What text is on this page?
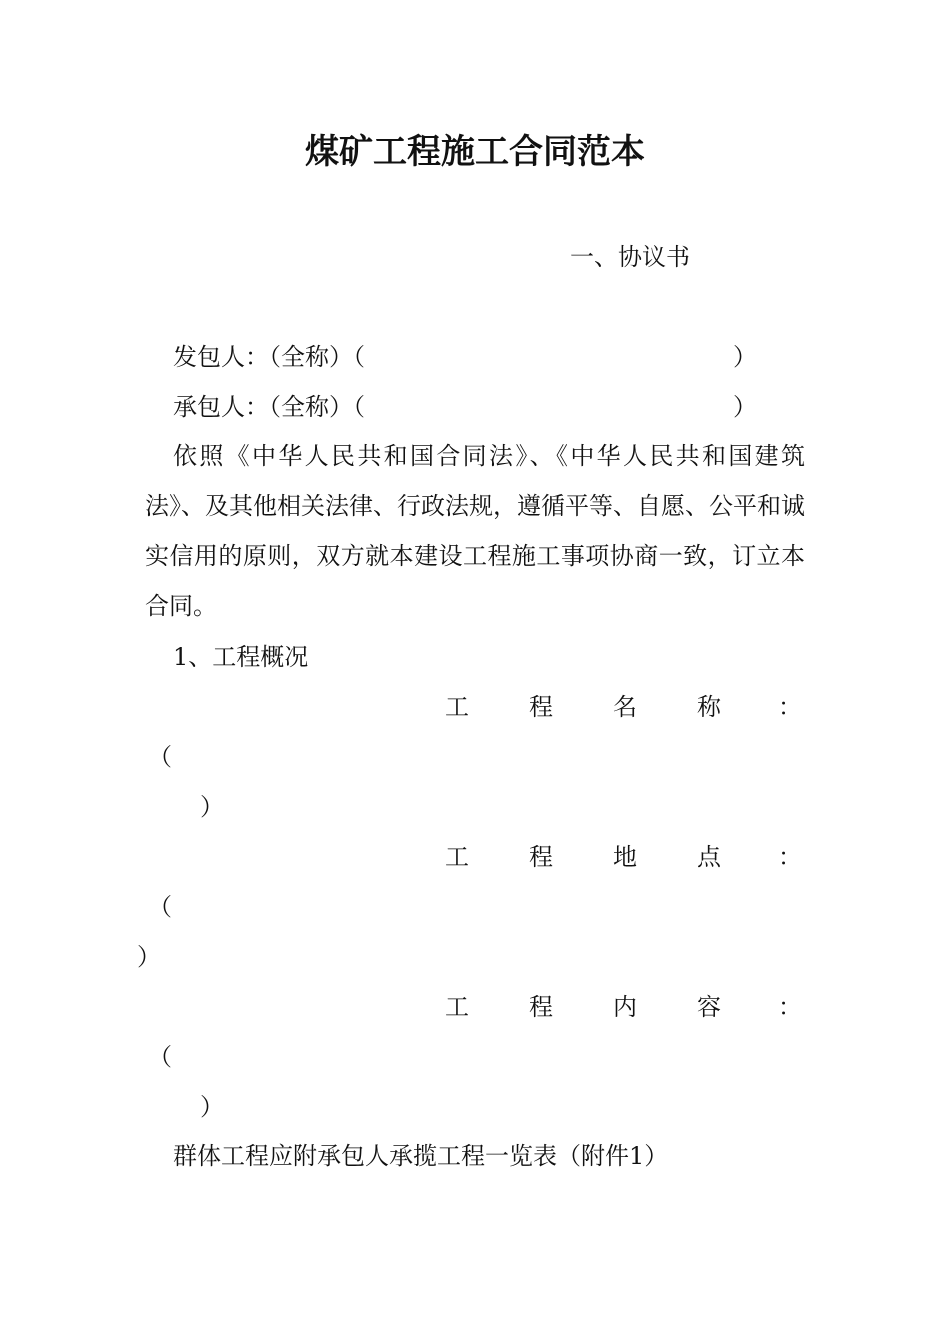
煤矿工程施工合同范本
一、协议书
发包人：（全称）（	）
承包人：（全称）（	）
依照《中华人民共和国合同法》、《中华人民共和国建筑法》、及其他相关法律、行政法规，遵循平等、自愿、公平和诚实信用的原则，双方就本建设工程施工事项协商一致，订立本合同。
1、工程概况
工	程	名	称 ：
（
）
工	程	地	点 ：
（
）
工	程	内	容 ：
（
）
群体工程应附承包人承揽工程一览表（附件1）
